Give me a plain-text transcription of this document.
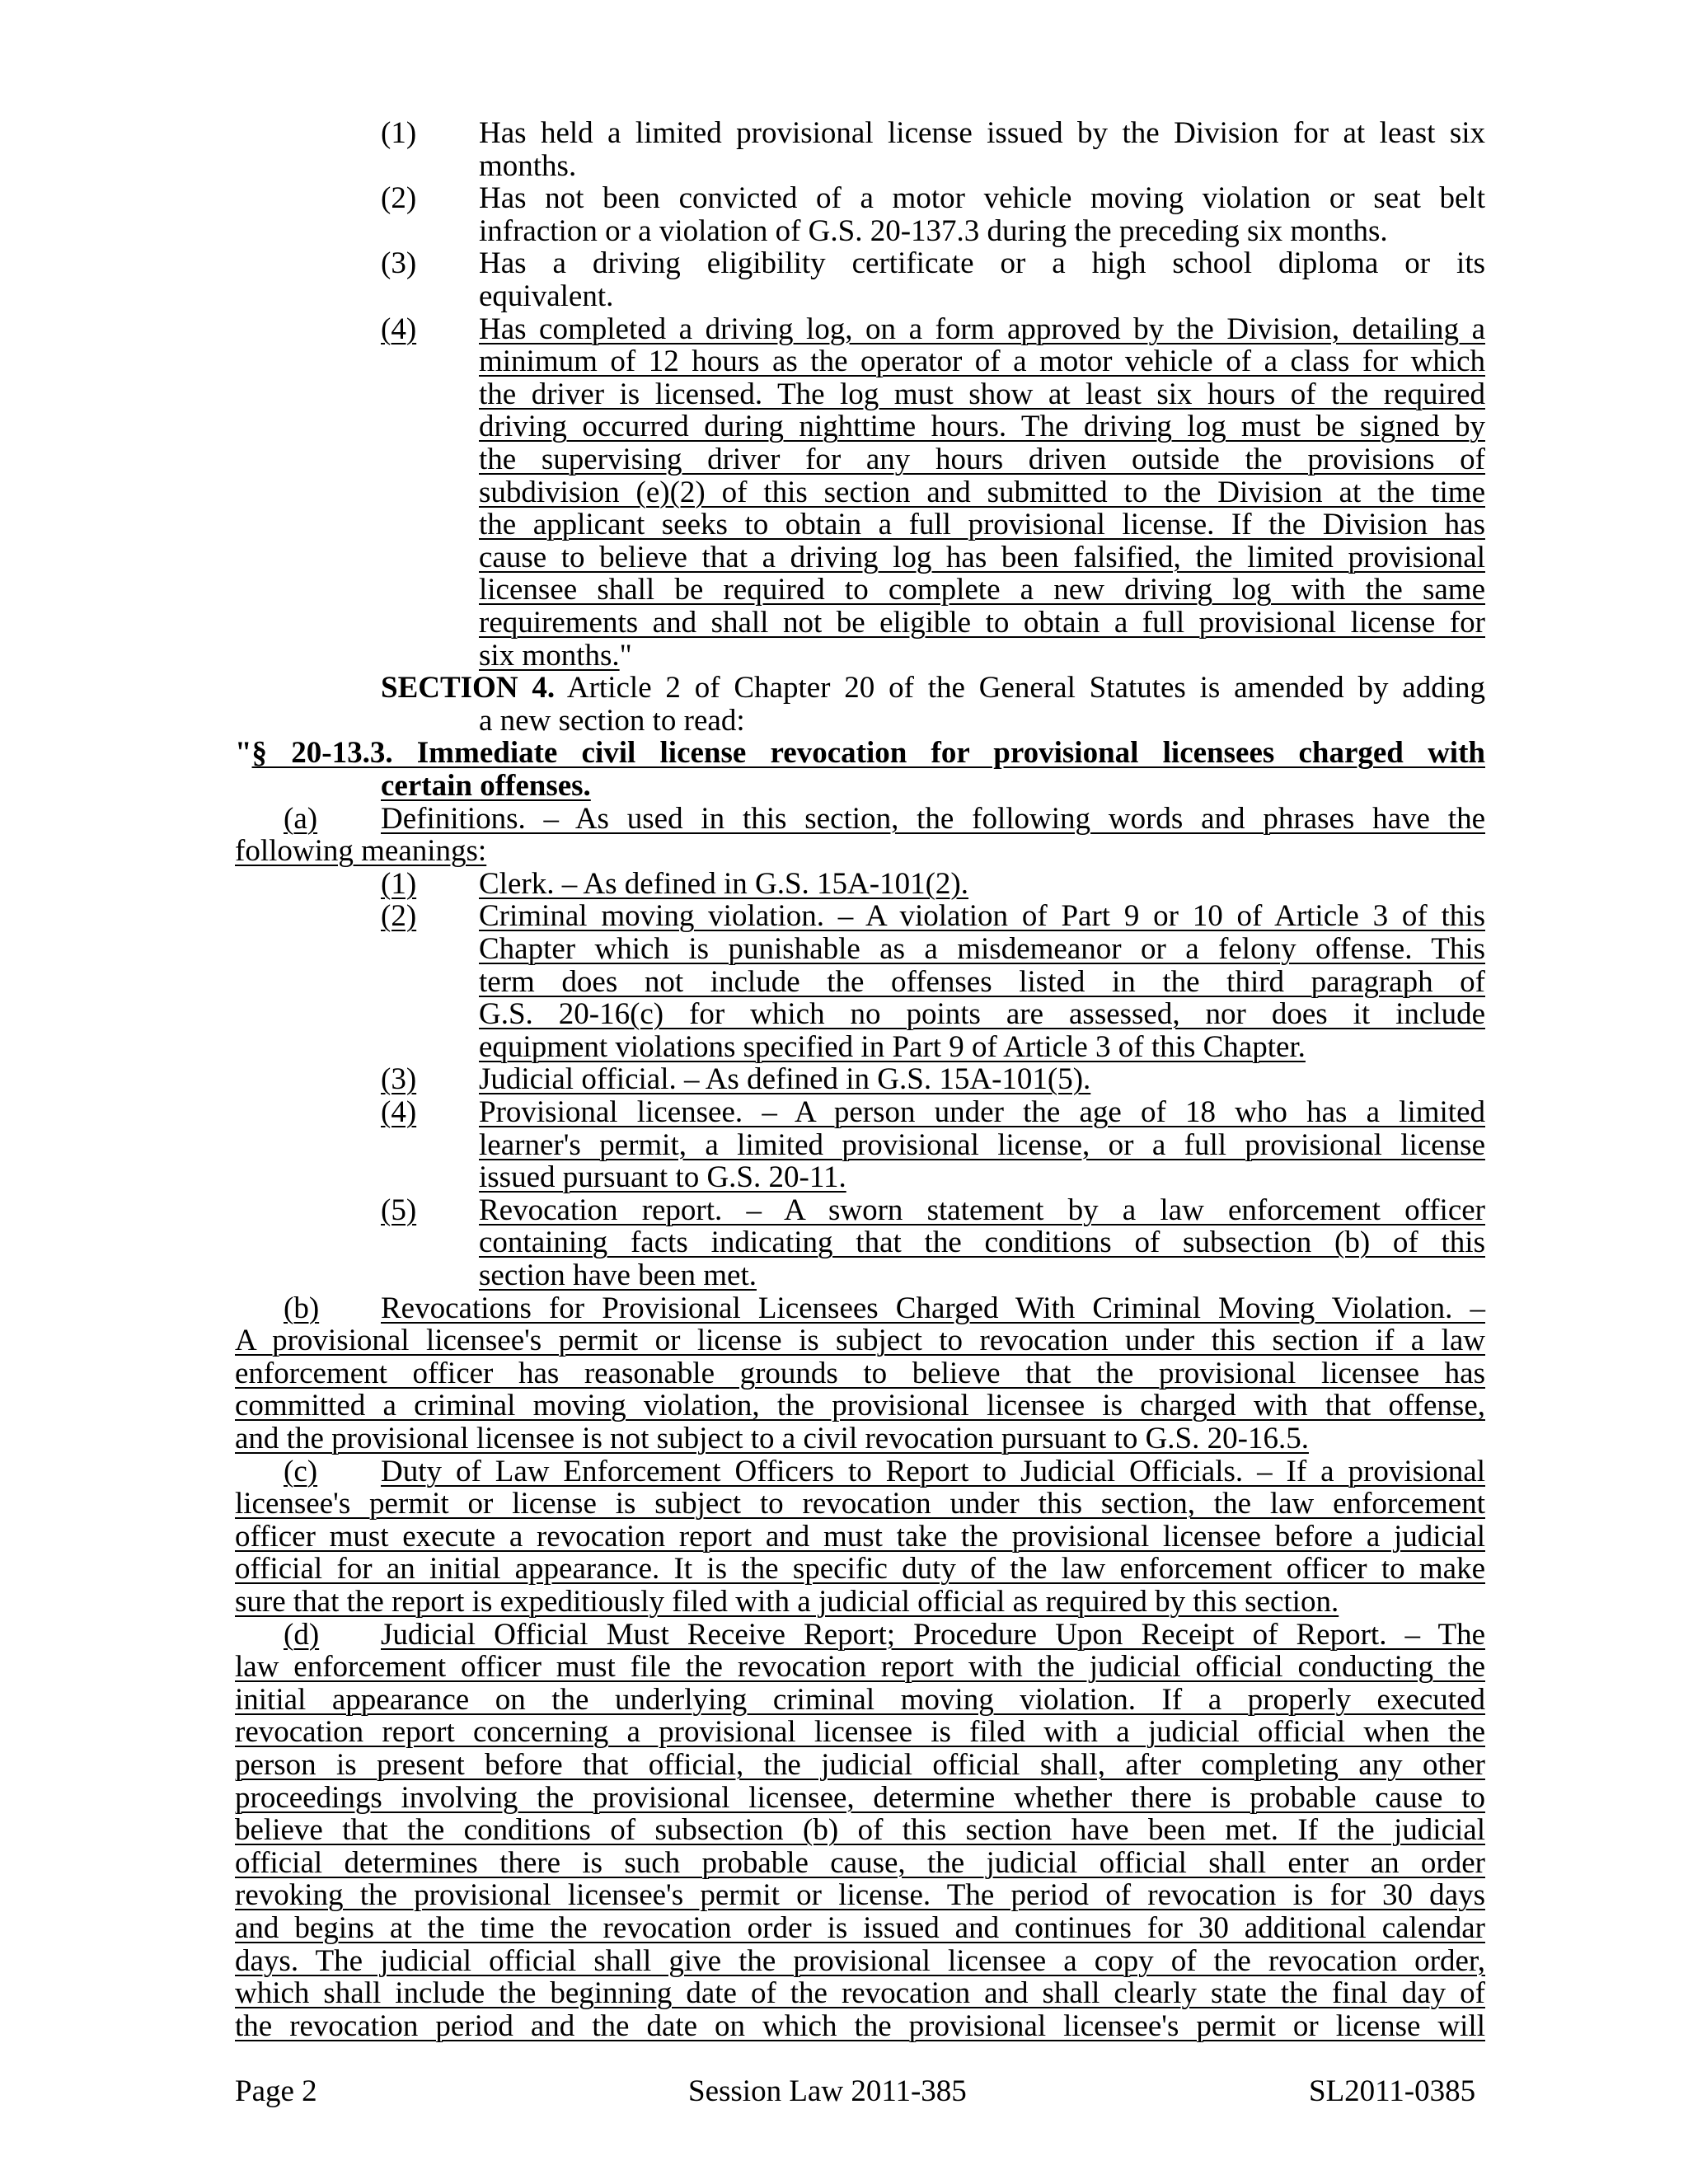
(1) Has held a limited provisional license issued by the Division for at least six
months.
(2) Has not been convicted of a motor vehicle moving violation or seat belt
infraction or a violation of G.S. 20-137.3 during the preceding six months.
(3) Has a driving eligibility certificate or a high school diploma or its
equivalent.
(4) Has completed a driving log, on a form approved by the Division, detailing a
minimum of 12 hours as the operator of a motor vehicle of a class for which
the driver is licensed. The log must show at least six hours of the required
driving occurred during nighttime hours. The driving log must be signed by
the supervising driver for any hours driven outside the provisions of
subdivision (e)(2) of this section and submitted to the Division at the time
the applicant seeks to obtain a full provisional license. If the Division has
cause to believe that a driving log has been falsified, the limited provisional
licensee shall be required to complete a new driving log with the same
requirements and shall not be eligible to obtain a full provisional license for
six months."
SECTION 4. Article 2 of Chapter 20 of the General Statutes is amended by adding
a new section to read:
"§ 20-13.3. Immediate civil license revocation for provisional licensees charged with
certain offenses.
(a) Definitions. – As used in this section, the following words and phrases have the
following meanings:
(1) Clerk. – As defined in G.S. 15A-101(2).
(2) Criminal moving violation. – A violation of Part 9 or 10 of Article 3 of this
Chapter which is punishable as a misdemeanor or a felony offense. This
term does not include the offenses listed in the third paragraph of
G.S. 20-16(c) for which no points are assessed, nor does it include
equipment violations specified in Part 9 of Article 3 of this Chapter.
(3) Judicial official. – As defined in G.S. 15A-101(5).
(4) Provisional licensee. – A person under the age of 18 who has a limited
learner's permit, a limited provisional license, or a full provisional license
issued pursuant to G.S. 20-11.
(5) Revocation report. – A sworn statement by a law enforcement officer
containing facts indicating that the conditions of subsection (b) of this
section have been met.
(b) Revocations for Provisional Licensees Charged With Criminal Moving Violation. –
A provisional licensee's permit or license is subject to revocation under this section if a law
enforcement officer has reasonable grounds to believe that the provisional licensee has
committed a criminal moving violation, the provisional licensee is charged with that offense,
and the provisional licensee is not subject to a civil revocation pursuant to G.S. 20-16.5.
(c) Duty of Law Enforcement Officers to Report to Judicial Officials. – If a provisional
licensee's permit or license is subject to revocation under this section, the law enforcement
officer must execute a revocation report and must take the provisional licensee before a judicial
official for an initial appearance. It is the specific duty of the law enforcement officer to make
sure that the report is expeditiously filed with a judicial official as required by this section.
(d) Judicial Official Must Receive Report; Procedure Upon Receipt of Report. – The
law enforcement officer must file the revocation report with the judicial official conducting the
initial appearance on the underlying criminal moving violation. If a properly executed
revocation report concerning a provisional licensee is filed with a judicial official when the
person is present before that official, the judicial official shall, after completing any other
proceedings involving the provisional licensee, determine whether there is probable cause to
believe that the conditions of subsection (b) of this section have been met. If the judicial
official determines there is such probable cause, the judicial official shall enter an order
revoking the provisional licensee's permit or license. The period of revocation is for 30 days
and begins at the time the revocation order is issued and continues for 30 additional calendar
days. The judicial official shall give the provisional licensee a copy of the revocation order,
which shall include the beginning date of the revocation and shall clearly state the final day of
the revocation period and the date on which the provisional licensee's permit or license will
Page 2	Session Law 2011-385	SL2011-0385
